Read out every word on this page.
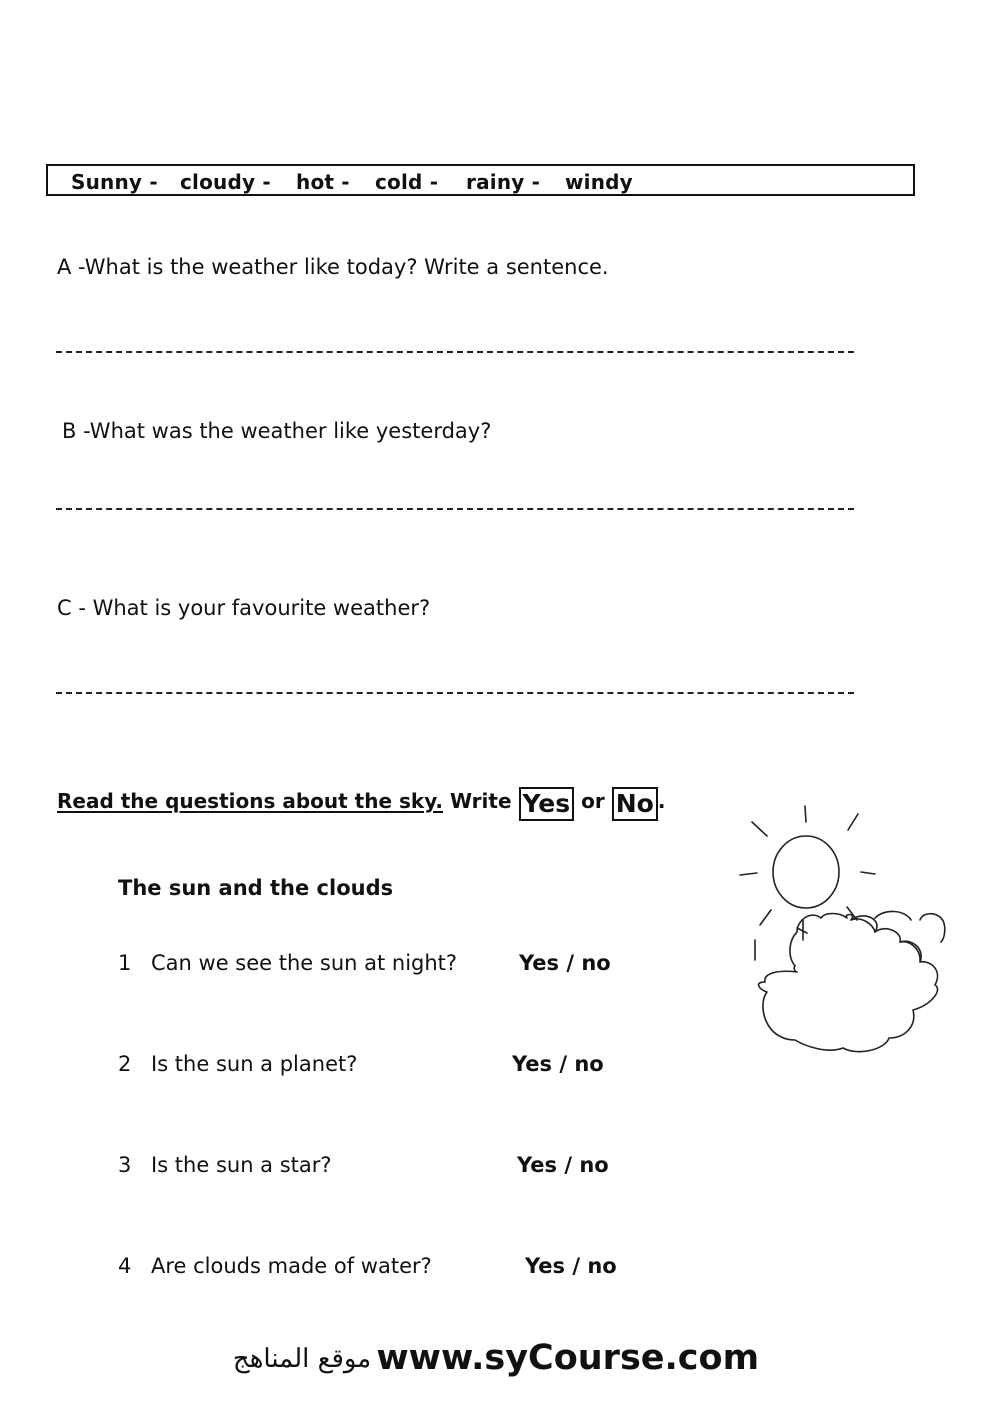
Sunny - cloudy - hot - cold - rainy - windy
A -What is the weather like today? Write a sentence.
B -What was the weather like yesterday?
C - What is your favourite weather?
Read the questions about the sky. Write Yes or No .
The sun and the clouds
1 Can we see the sun at night?	Yes / no
2 Is the sun a planet?	Yes / no
3 Is the sun a star?	Yes / no
4 Are clouds made of water?	Yes / no
موقع المناهج www.syCourse.com
